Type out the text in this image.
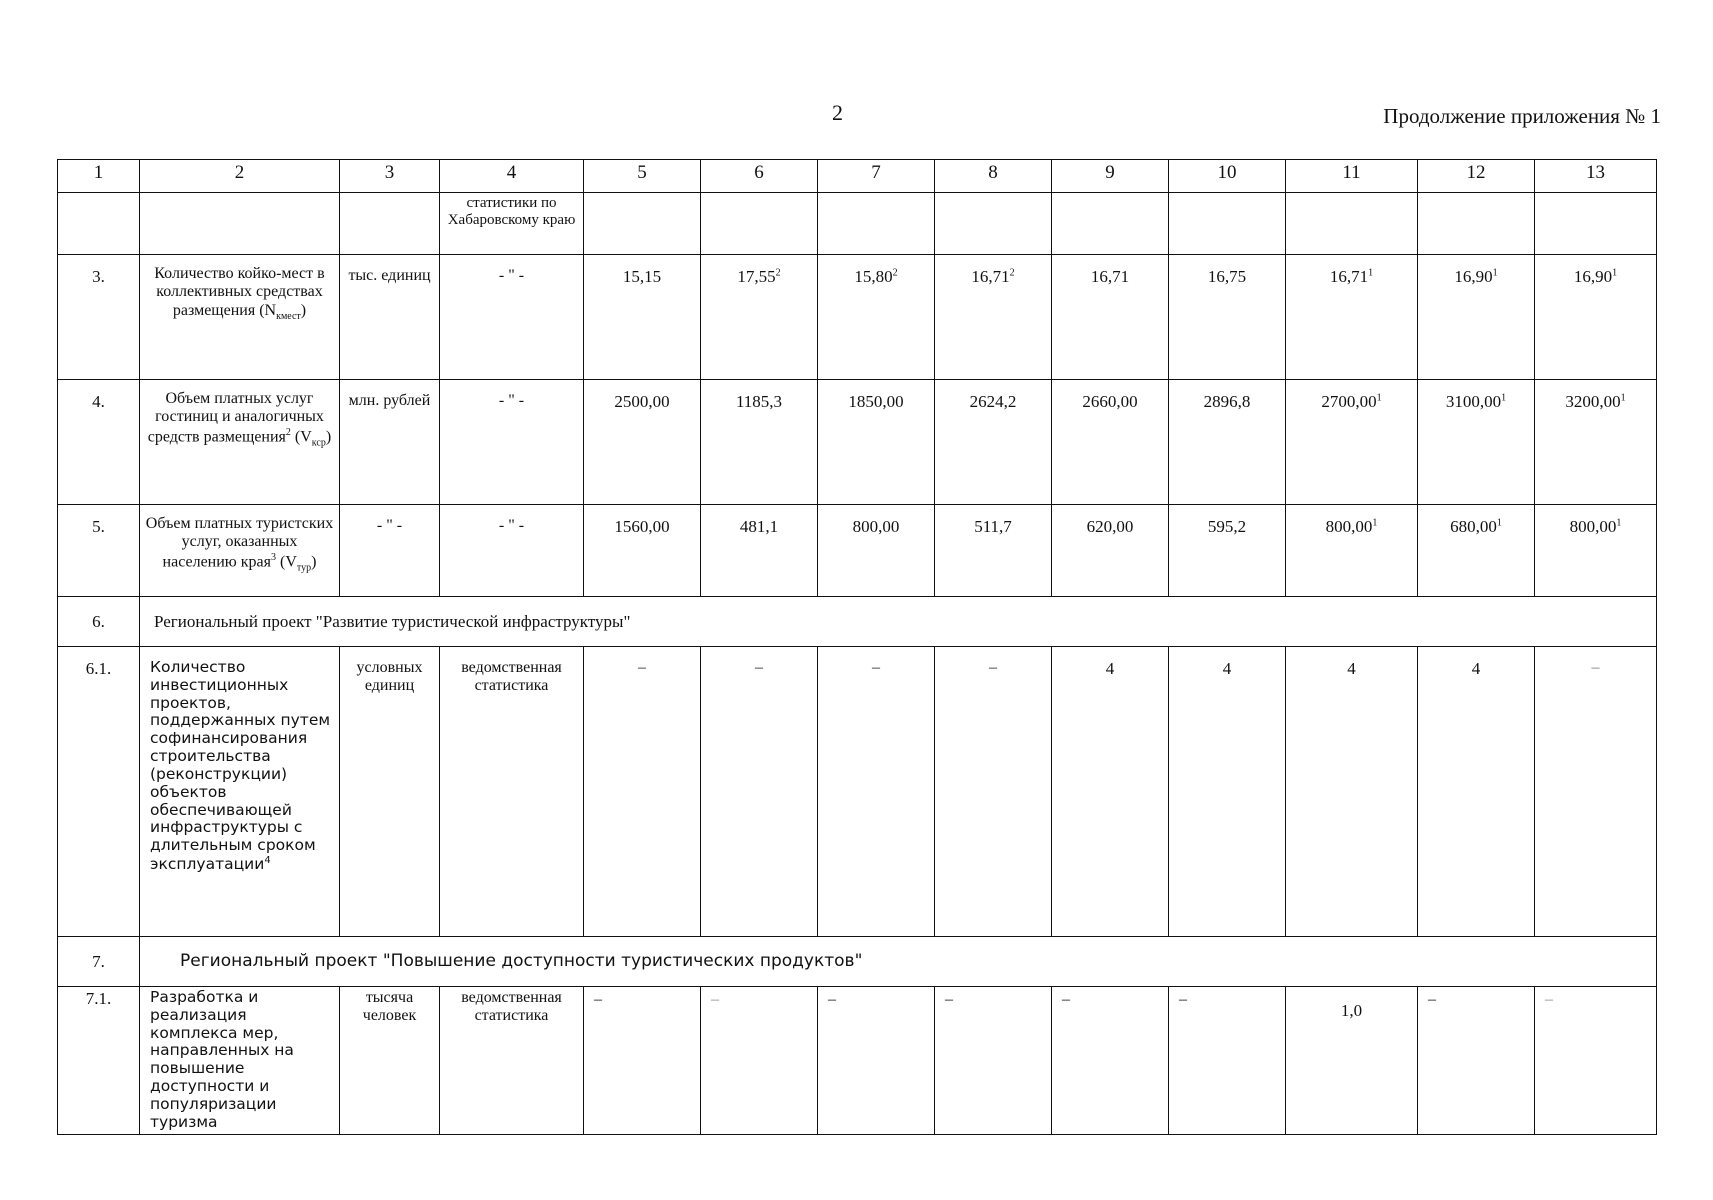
2	Продолжение приложения № 1
1	2	3	4	5	6	7	8	9	10	11	12	13
			статистики по Хабаровскому краю									
3.	Количество койко-мест в коллективных средствах размещения $(N_{кмест})$	тыс. единиц	- " -	15,15	17,55$^2$	15,80$^2$	16,71$^2$	16,71	16,75	16,71$^1$	16,90$^1$	16,90$^1$
4.	Объем платных услуг гостиниц и аналогичных средств размещения$^2$ $(V_{кср})$	млн. рублей	- " -	2500,00	1185,3	1850,00	2624,2	2660,00	2896,8	2700,00$^1$	3100,00$^1$	3200,00$^1$
5.	Объем платных туристских услуг, оказанных населению края$^3$ $(V_{тур})$	- " -	- " -	1560,00	481,1	800,00	511,7	620,00	595,2	800,00$^1$	680,00$^1$	800,00$^1$
6.	Региональный проект "Развитие туристической инфраструктуры"											
6.1.	Количество инвестиционных проектов, поддержанных путем софинансирования строительства (реконструкции) объектов обеспечивающей инфраструктуры с длительным сроком эксплуатации$^4$	условных единиц	ведомственная статистика	–	–	–	–	4	4	4	4	–
7.	Региональный проект "Повышение доступности туристических продуктов"											
7.1.	Разработка и реализация комплекса мер, направленных на повышение доступности и популяризации туризма	тысяча человек	ведомственная статистика	–	–	–	–	–	–	1,0	–	–
